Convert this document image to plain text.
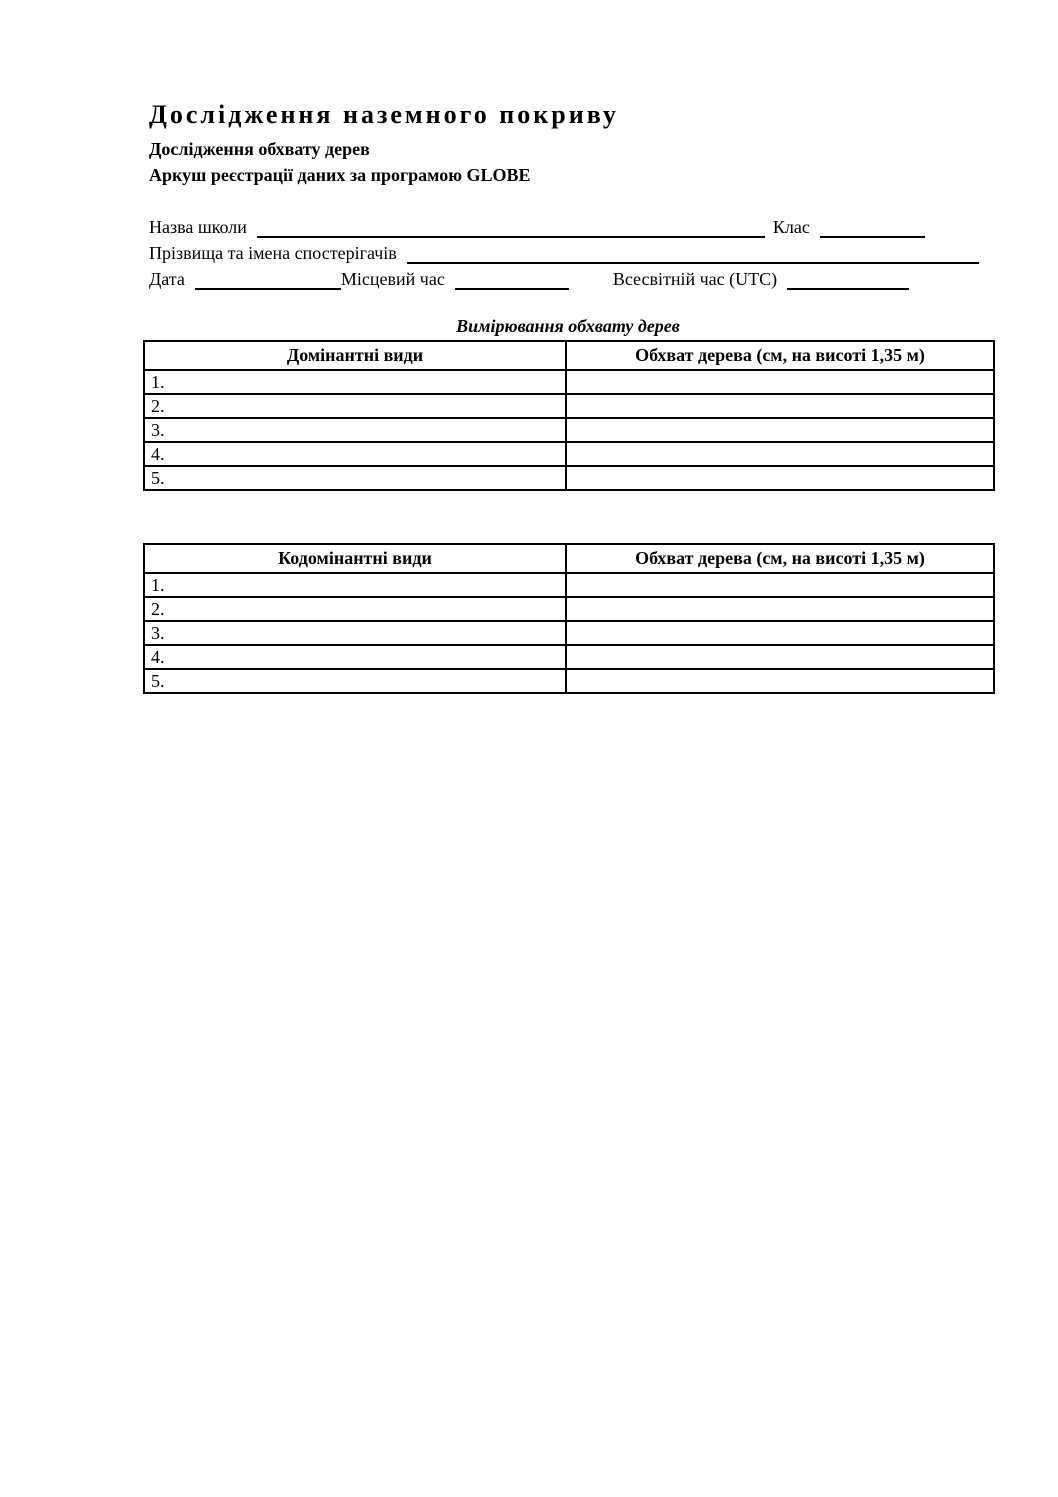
Дослідження наземного покриву
Дослідження обхвату дерев
Аркуш реєстрації даних за програмою GLOBE
Назва школи	Клас
Прізвища та імена спостерігачів
Дата	Місцевий час	Всесвітній час (UTC)
Вимірювання обхвату дерев
Домінантні види	Обхват дерева (см, на висоті 1,35 м)
1.	
2.	
3.	
4.	
5.	
Кодомінантні види	Обхват дерева (см, на висоті 1,35 м)
1.	
2.	
3.	
4.	
5.	
